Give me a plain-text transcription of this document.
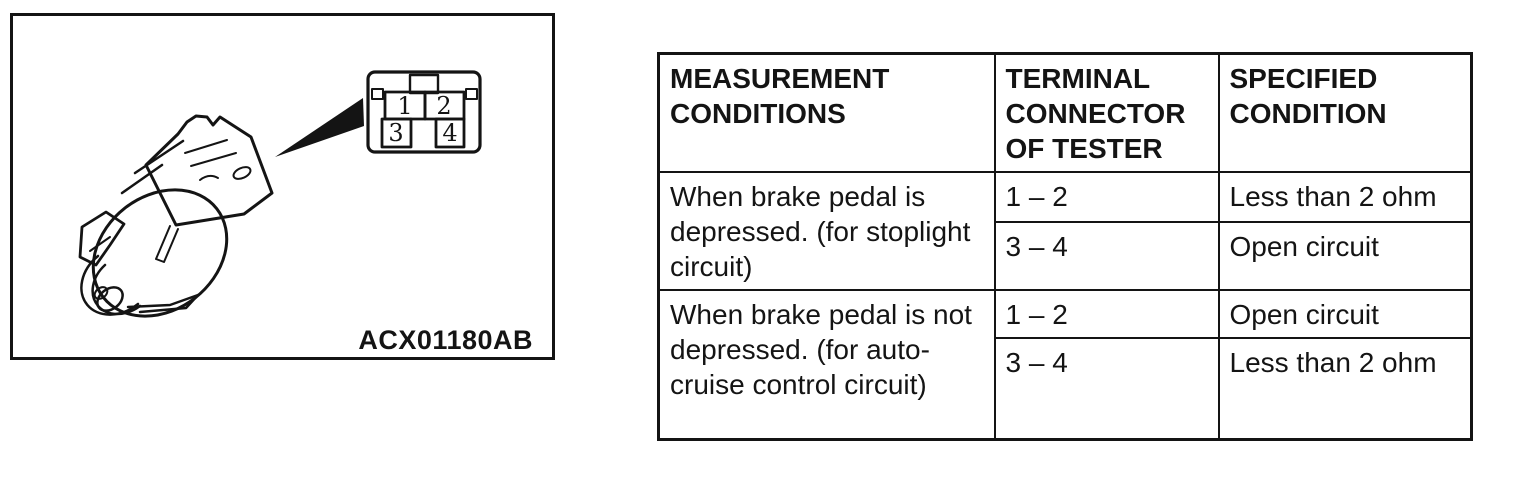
1 2
3 4
ACX01180AB
MEASUREMENT CONDITIONS	TERMINAL CONNECTOR OF TESTER	SPECIFIED CONDITION
When brake pedal is depressed. (for stoplight circuit)	1 – 2	Less than 2 ohm
	3 – 4	Open circuit
When brake pedal is not depressed. (for auto-cruise control circuit)	1 – 2	Open circuit
	3 – 4	Less than 2 ohm
